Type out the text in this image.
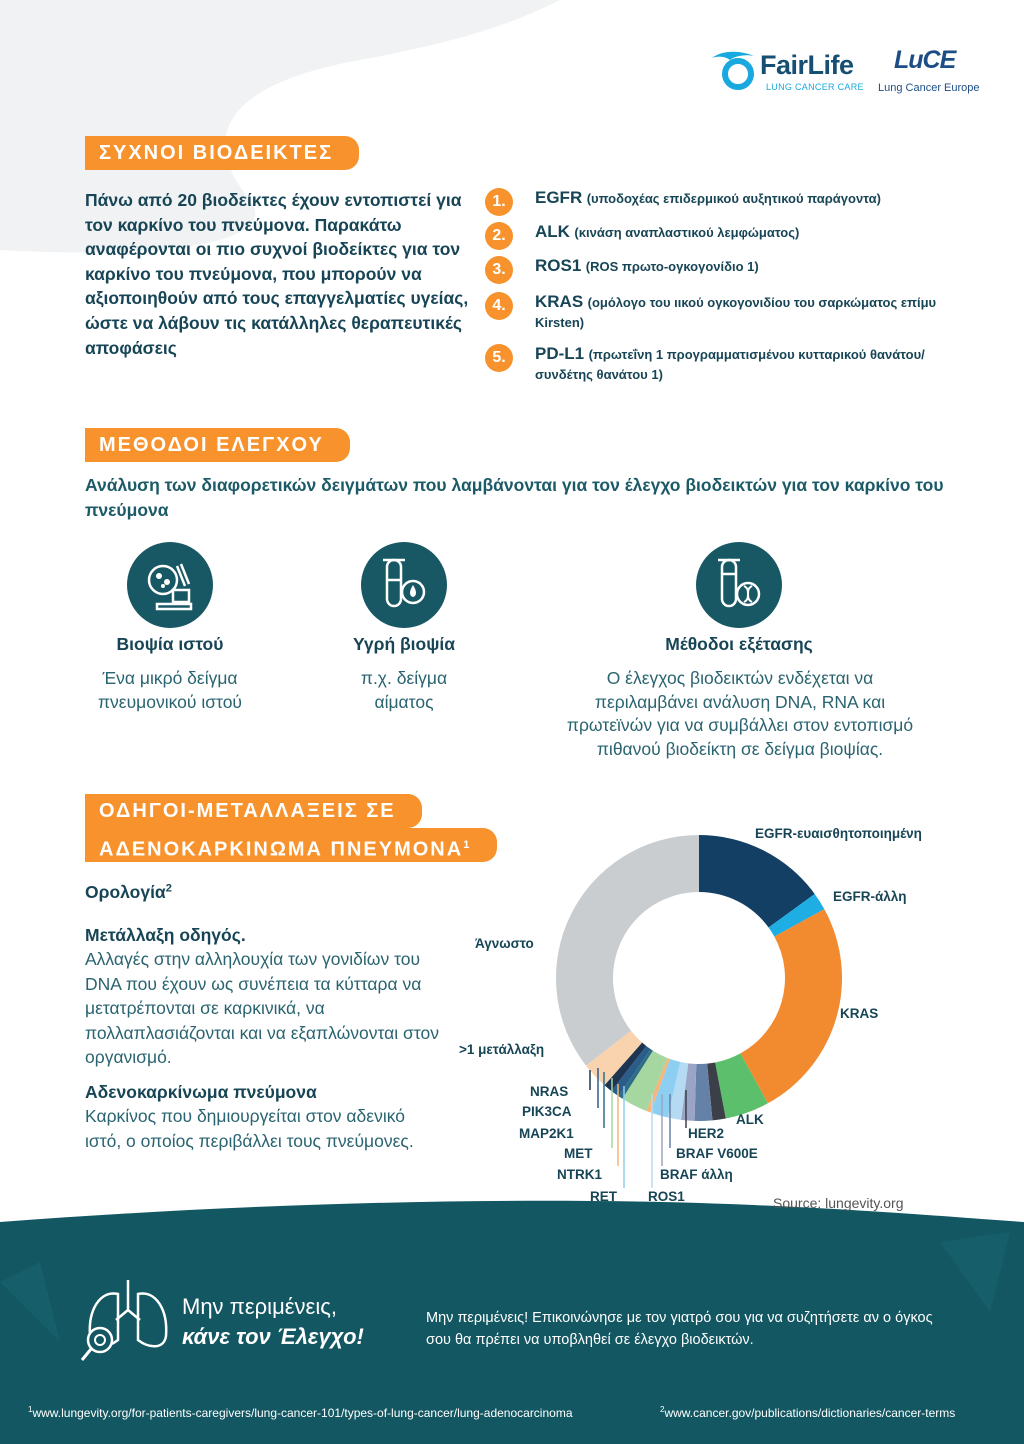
FairLife
LUNG CANCER CARE
LuCE
Lung Cancer Europe
ΣΥΧΝΟΙ ΒΙΟΔΕΙΚΤΕΣ
Πάνω από 20 βιοδείκτες έχουν εντοπιστεί για τον καρκίνο του πνεύμονα. Παρακάτω αναφέρονται οι πιο συχνοί βιοδείκτες για τον καρκίνο του πνεύμονα, που μπορούν να αξιοποιηθούν από τους επαγγελματίες υγείας, ώστε να λάβουν τις κατάλληλες θεραπευτικές αποφάσεις
1.	EGFR (υποδοχέας επιδερμικού αυξητικού παράγοντα)
2.	ALK (κινάση αναπλαστικού λεμφώματος)
3.	ROS1 (ROS πρωτο-ογκογονίδιο 1)
4.	KRAS (ομόλογο του ιικού ογκογονιδίου του σαρκώματος επίμυ Kirsten)
5.	PD-L1 (πρωτεΐνη 1 προγραμματισμένου κυτταρικού θανάτου/ συνδέτης θανάτου 1)
ΜΕΘΟΔΟΙ ΕΛΕΓΧΟΥ
Ανάλυση των διαφορετικών δειγμάτων που λαμβάνονται για τον έλεγχο βιοδεικτών για τον καρκίνο του πνεύμονα
Βιοψία ιστού
Ένα μικρό δείγμα πνευμονικού ιστού
Υγρή βιοψία
π.χ. δείγμα αίματος
Μέθοδοι εξέτασης
Ο έλεγχος βιοδεικτών ενδέχεται να περιλαμβάνει ανάλυση DNA, RNA και πρωτεϊνών για να συμβάλλει στον εντοπισμό πιθανού βιοδείκτη σε δείγμα βιοψίας.
ΟΔΗΓΟΙ-ΜΕΤΑΛΛΑΞΕΙΣ ΣΕ
ΑΔΕΝΟΚΑΡΚΙΝΩΜΑ ΠΝΕΥΜΟΝΑ$^1$
Ορολογία$^2$
Μετάλλαξη οδηγός.
Αλλαγές στην αλληλουχία των γονιδίων του DNA που έχουν ως συνέπεια τα κύτταρα να μετατρέπονται σε καρκινικά, να πολλαπλασιάζονται και να εξαπλώνονται στον οργανισμό.
Αδενοκαρκίνωμα πνεύμονα
Καρκίνος που δημιουργείται στον αδενικό ιστό, ο οποίος περιβάλλει τους πνεύμονες.
EGFR-ευαισθητοποιημένη
EGFR-άλλη
KRAS
ALK
HER2
BRAF V600E
BRAF άλλη
ROS1
RET
NTRK1
MET
MAP2K1
PIK3CA
NRAS
>1 μετάλλαξη
Άγνωστο
Source: lungevity.org
Μην περιμένεις,
κάνε τον Έλεγχο!
Μην περιμένεις! Επικοινώνησε με τον γιατρό σου για να συζητήσετε αν ο όγκος σου θα πρέπει να υποβληθεί σε έλεγχο βιοδεικτών.
$^1$www.lungevity.org/for-patients-caregivers/lung-cancer-101/types-of-lung-cancer/lung-adenocarcinoma	$^2$www.cancer.gov/publications/dictionaries/cancer-terms
